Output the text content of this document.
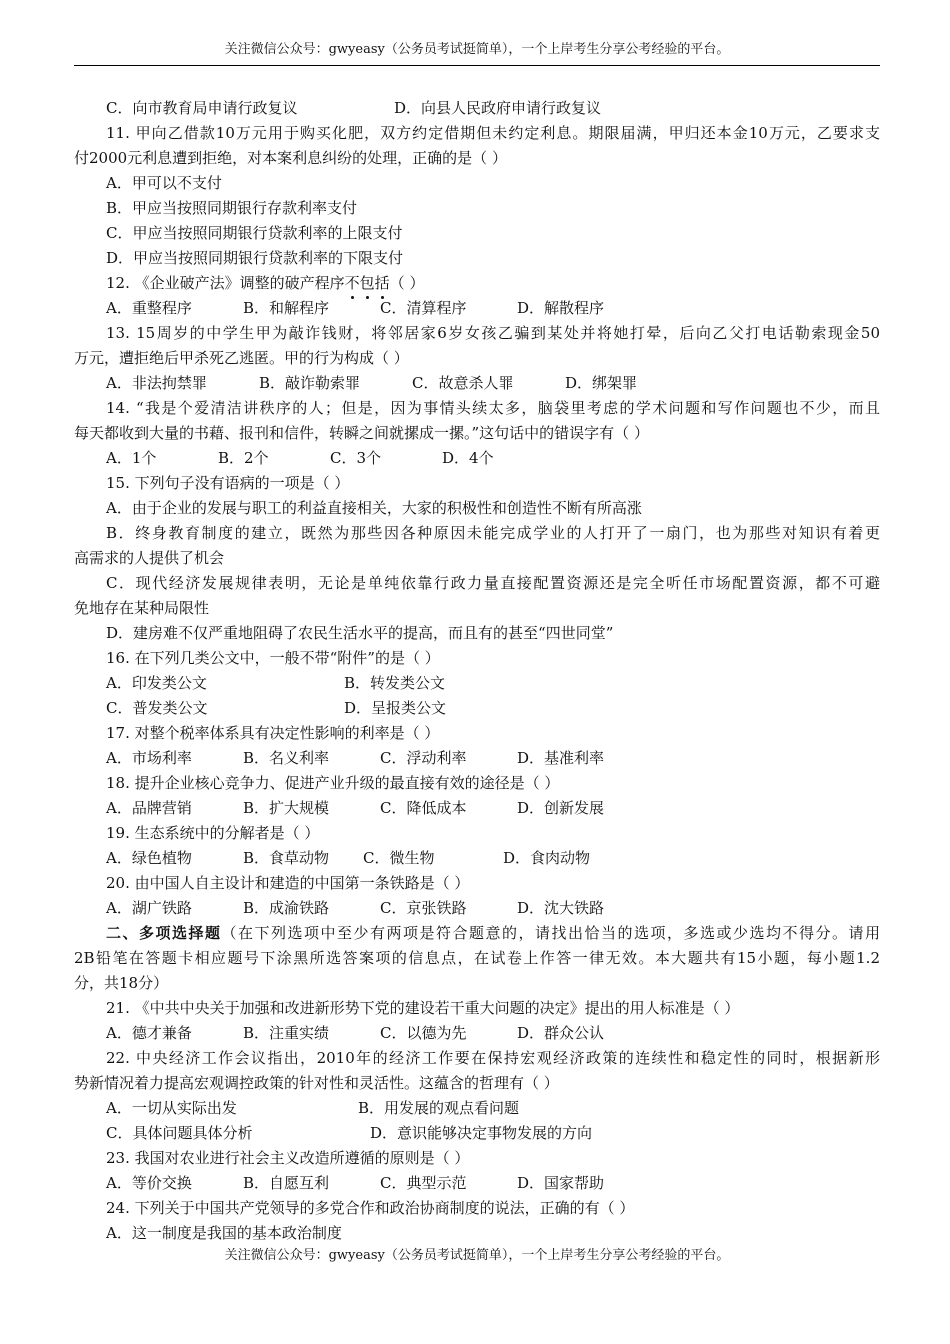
关注微信公众号：gwyeasy（公务员考试挺简单），一个上岸考生分享公考经验的平台。
C．向市教育局申请行政复议	D．向县人民政府申请行政复议
11. 甲向乙借款10万元用于购买化肥，双方约定借期但未约定利息。期限届满，甲归还本金10万元，乙要求支
付2000元利息遭到拒绝，对本案利息纠纷的处理，正确的是（ ）
A．甲可以不支付
B．甲应当按照同期银行存款利率支付
C．甲应当按照同期银行贷款利率的上限支付
D．甲应当按照同期银行贷款利率的下限支付
12. 《企业破产法》调整的破产程序不包括（ ）
A．重整程序	B．和解程序	C．清算程序	D．解散程序
13. 15周岁的中学生甲为敲诈钱财，将邻居家6岁女孩乙骗到某处并将她打晕，后向乙父打电话勒索现金50
万元，遭拒绝后甲杀死乙逃匿。甲的行为构成（ ）
A．非法拘禁罪	B．敲诈勒索罪	C．故意杀人罪	D．绑架罪
14. “我是个爱清洁讲秩序的人；但是，因为事情头续太多，脑袋里考虑的学术问题和写作问题也不少，而且
每天都收到大量的书藉、报刊和信件，转瞬之间就摞成一摞。”这句话中的错误字有（ ）
A．1个	B．2个	C．3个	D．4个
15. 下列句子没有语病的一项是（ ）
A．由于企业的发展与职工的利益直接相关，大家的积极性和创造性不断有所高涨
B．终身教育制度的建立，既然为那些因各种原因未能完成学业的人打开了一扇门，也为那些对知识有着更
高需求的人提供了机会
C．现代经济发展规律表明，无论是单纯依靠行政力量直接配置资源还是完全听任市场配置资源，都不可避
免地存在某种局限性
D．建房难不仅严重地阻碍了农民生活水平的提高，而且有的甚至“四世同堂”
16. 在下列几类公文中，一般不带“附件”的是（ ）
A．印发类公文	B．转发类公文
C．普发类公文	D．呈报类公文
17. 对整个税率体系具有决定性影响的利率是（ ）
A．市场利率	B．名义利率	C．浮动利率	D．基准利率
18. 提升企业核心竞争力、促进产业升级的最直接有效的途径是（ ）
A．品牌营销	B．扩大规模	C．降低成本	D．创新发展
19. 生态系统中的分解者是（ ）
A．绿色植物	B．食草动物 C．微生物	D．食肉动物
20. 由中国人自主设计和建造的中国第一条铁路是（ ）
A．湖广铁路	B．成渝铁路	C．京张铁路	D．沈大铁路
二、多项选择题（在下列选项中至少有两项是符合题意的，请找出恰当的选项，多选或少选均不得分。请用
2B铅笔在答题卡相应题号下涂黑所选答案项的信息点，在试卷上作答一律无效。本大题共有15小题，每小题1.2
分，共18分）
21. 《中共中央关于加强和改进新形势下党的建设若干重大问题的决定》提出的用人标准是（ ）
A．德才兼备	B．注重实绩	C．以德为先	D．群众公认
22. 中央经济工作会议指出，2010年的经济工作要在保持宏观经济政策的连续性和稳定性的同时，根据新形
势新情况着力提高宏观调控政策的针对性和灵活性。这蕴含的哲理有（ ）
A．一切从实际出发	B．用发展的观点看问题
C．具体问题具体分析	D．意识能够决定事物发展的方向
23. 我国对农业进行社会主义改造所遵循的原则是（ ）
A．等价交换	B．自愿互利	C．典型示范	D．国家帮助
24. 下列关于中国共产党领导的多党合作和政治协商制度的说法，正确的有（ ）
A．这一制度是我国的基本政治制度
关注微信公众号：gwyeasy（公务员考试挺简单），一个上岸考生分享公考经验的平台。
